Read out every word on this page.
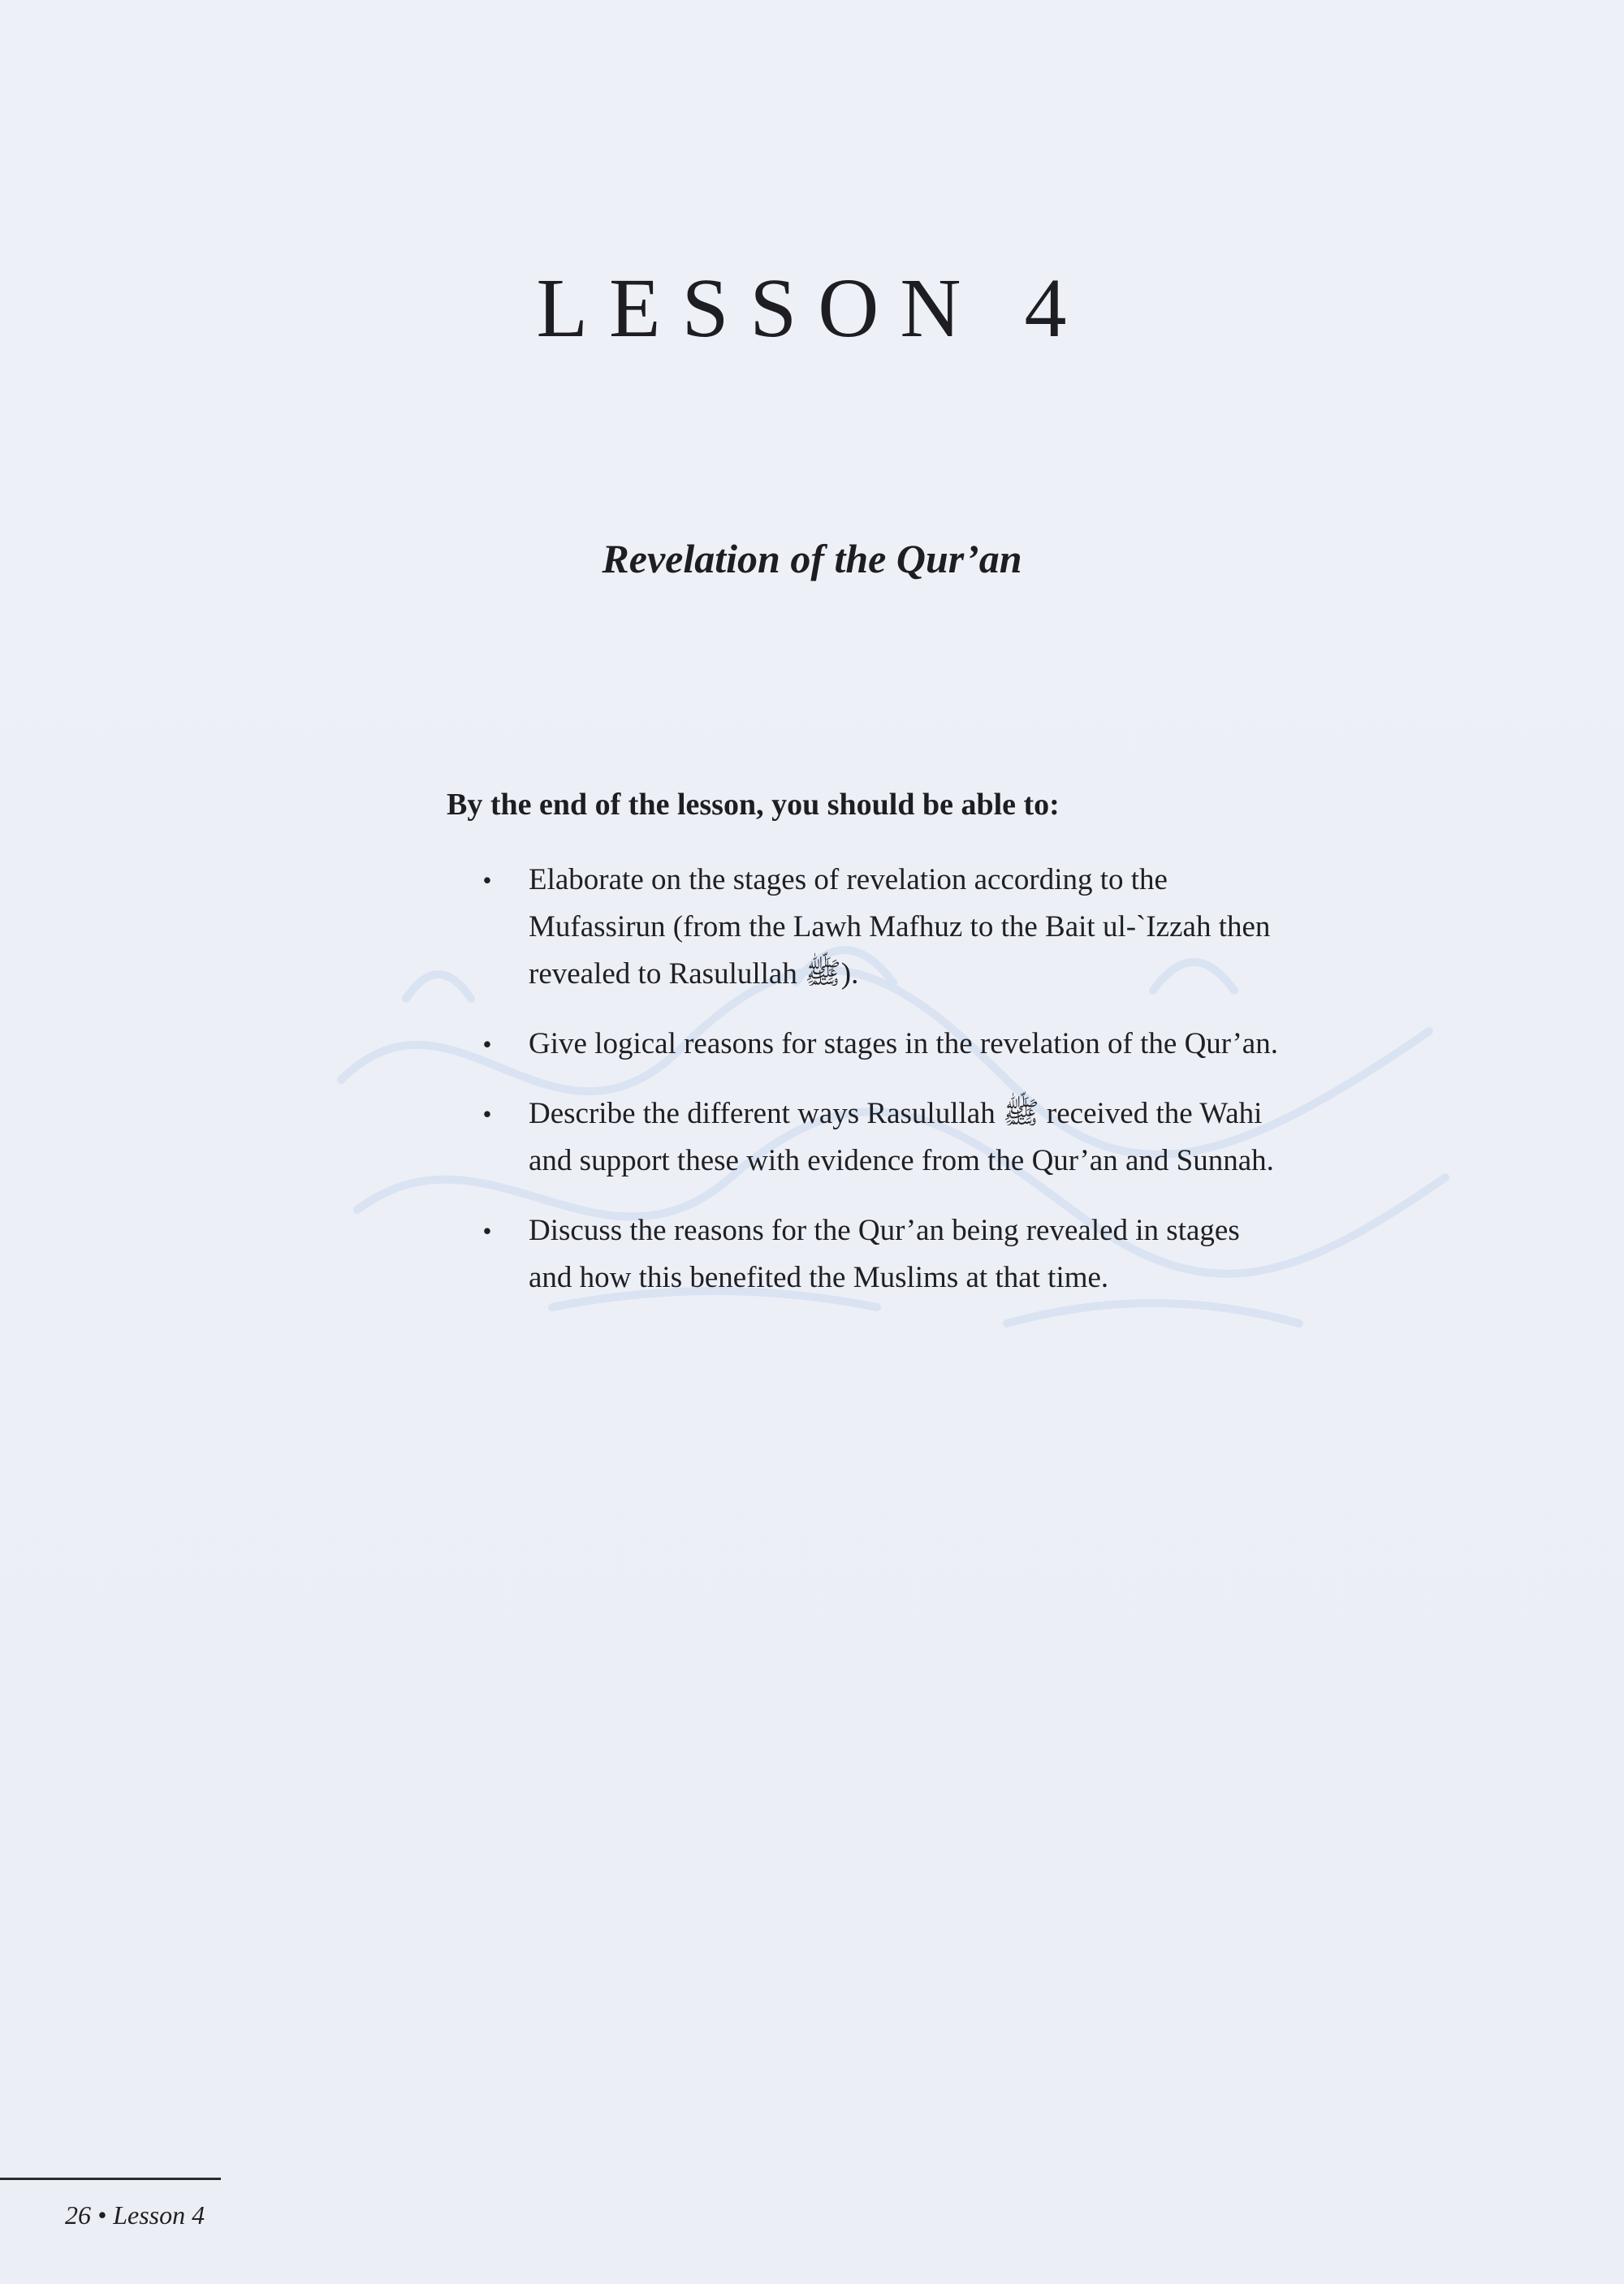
LESSON 4
Revelation of the Qur’an

By the end of the lesson, you should be able to:

• Elaborate on the stages of revelation according to the Mufassirun (from the Lawh Mafhuz to the Bait ul-`Izzah then revealed to Rasulullah ﷺ).
• Give logical reasons for stages in the revelation of the Qur’an.
• Describe the different ways Rasulullah ﷺ received the Wahi and support these with evidence from the Qur’an and Sunnah.
• Discuss the reasons for the Qur’an being revealed in stages and how this benefited the Muslims at that time.

26 • Lesson 4
